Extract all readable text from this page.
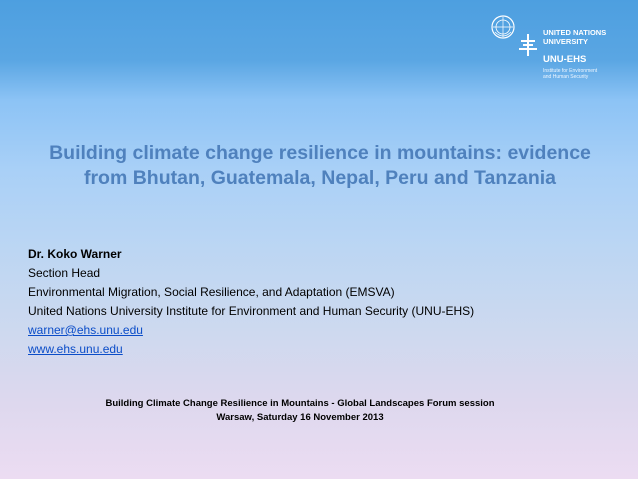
UNITED NATIONS
UNIVERSITY
UNU-EHS
Institute for Environment
and Human Security
Building climate change resilience in mountains: evidence
from Bhutan, Guatemala, Nepal, Peru and Tanzania
Dr. Koko Warner
Section Head
Environmental Migration, Social Resilience, and Adaptation (EMSVA)
United Nations University Institute for Environment and Human Security (UNU-EHS)
warner@ehs.unu.edu
www.ehs.unu.edu
Building Climate Change Resilience in Mountains - Global Landscapes Forum session
Warsaw, Saturday 16 November 2013
